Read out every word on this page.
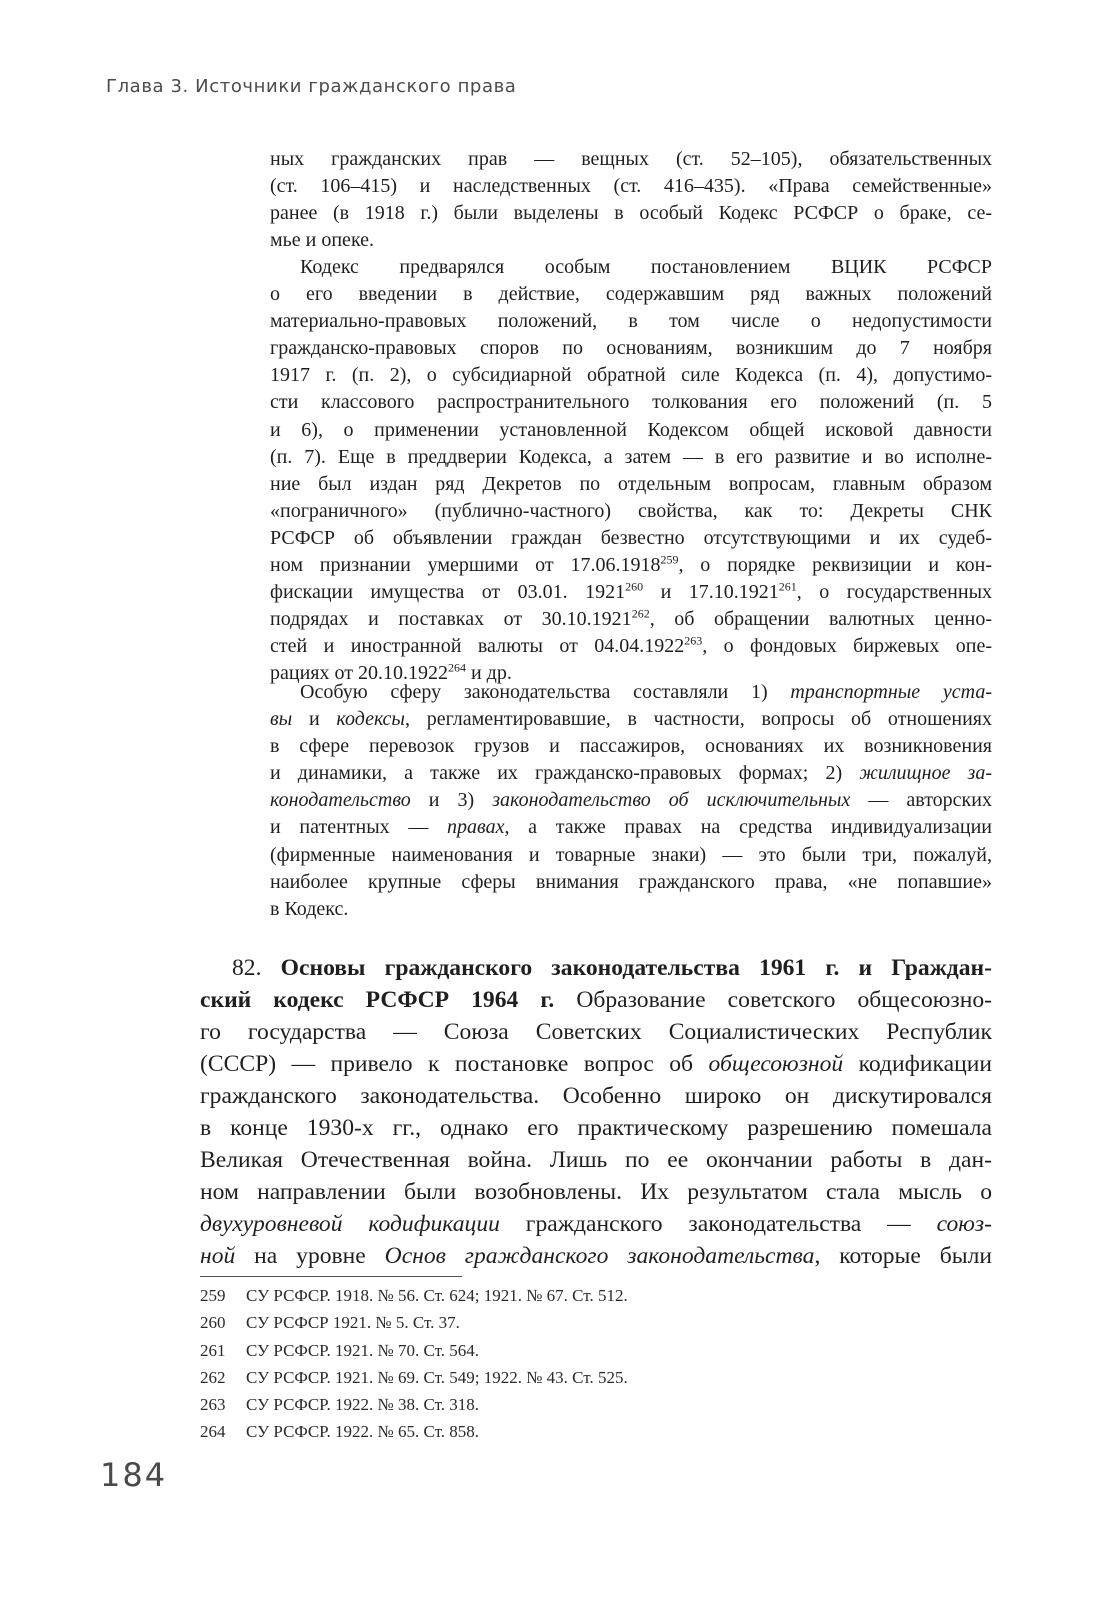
Глава 3. Источники гражданского права
ных гражданских прав — вещных (ст. 52–105), обязательственных
(ст. 106–415) и наследственных (ст. 416–435). «Права семейственные»
ранее (в 1918 г.) были выделены в особый Кодекс РСФСР о браке, се-
мье и опеке.
Кодекс предварялся особым постановлением ВЦИК РСФСР
о его введении в действие, содержавшим ряд важных положений
материально-правовых положений, в том числе о недопустимости
гражданско-правовых споров по основаниям, возникшим до 7 ноября
1917 г. (п. 2), о субсидиарной обратной силе Кодекса (п. 4), допустимо-
сти классового распространительного толкования его положений (п. 5
и 6), о применении установленной Кодексом общей исковой давности
(п. 7). Еще в преддверии Кодекса, а затем — в его развитие и во исполне-
ние был издан ряд Декретов по отдельным вопросам, главным образом
«пограничного» (публично-частного) свойства, как то: Декреты СНК
РСФСР об объявлении граждан безвестно отсутствующими и их судеб-
ном признании умершими от 17.06.1918$^{259}$, о порядке реквизиции и кон-
фискации имущества от 03.01. 1921$^{260}$ и 17.10.1921$^{261}$, о государственных
подрядах и поставках от 30.10.1921$^{262}$, об обращении валютных ценно-
стей и иностранной валюты от 04.04.1922$^{263}$, о фондовых биржевых опе-
рациях от 20.10.1922$^{264}$ и др.
Особую сферу законодательства составляли 1) транспортные уста-
вы и кодексы, регламентировавшие, в частности, вопросы об отношениях
в сфере перевозок грузов и пассажиров, основаниях их возникновения
и динамики, а также их гражданско-правовых формах; 2) жилищное за-
конодательство и 3) законодательство об исключительных — авторских
и патентных — правах, а также правах на средства индивидуализации
(фирменные наименования и товарные знаки) — это были три, пожалуй,
наиболее крупные сферы внимания гражданского права, «не попавшие»
в Кодекс.
82. Основы гражданского законодательства 1961 г. и Граждан-
ский кодекс РСФСР 1964 г. Образование советского общесоюзно-
го государства — Союза Советских Социалистических Республик
(СССР) — привело к постановке вопрос об общесоюзной кодификации
гражданского законодательства. Особенно широко он дискутировался
в конце 1930-х гг., однако его практическому разрешению помешала
Великая Отечественная война. Лишь по ее окончании работы в дан-
ном направлении были возобновлены. Их результатом стала мысль о
двухуровневой кодификации гражданского законодательства — союз-
ной на уровне Основ гражданского законодательства, которые были
259 СУ РСФСР. 1918. № 56. Ст. 624; 1921. № 67. Ст. 512.
260 СУ РСФСР 1921. № 5. Ст. 37.
261 СУ РСФСР. 1921. № 70. Ст. 564.
262 СУ РСФСР. 1921. № 69. Ст. 549; 1922. № 43. Ст. 525.
263 СУ РСФСР. 1922. № 38. Ст. 318.
264 СУ РСФСР. 1922. № 65. Ст. 858.
184
